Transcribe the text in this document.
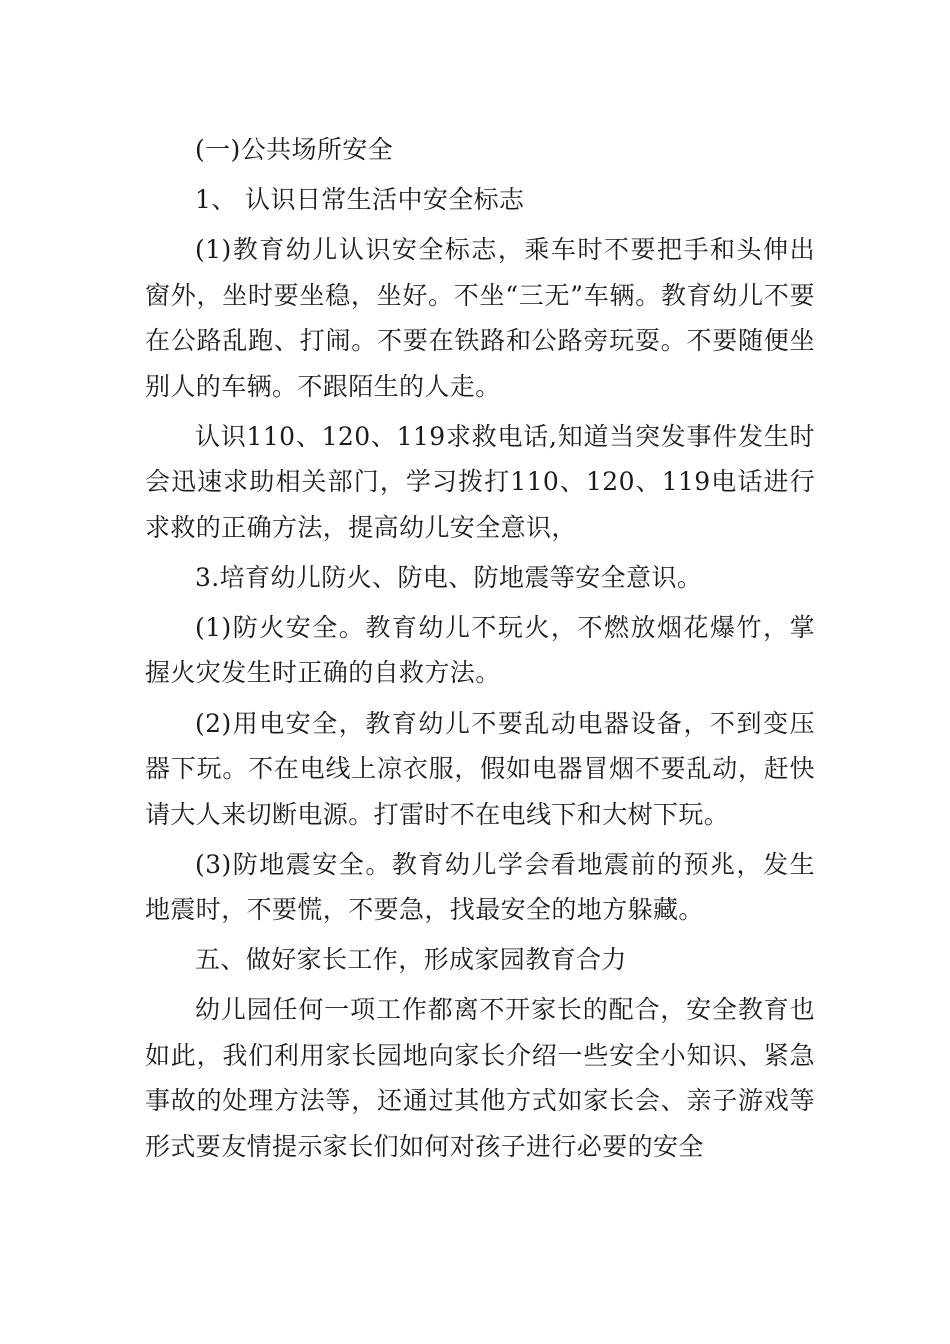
(一)公共场所安全

1、 认识日常生活中安全标志

(1)教育幼儿认识安全标志，乘车时不要把手和头伸出窗外，坐时要坐稳，坐好。不坐“三无”车辆。教育幼儿不要在公路乱跑、打闹。不要在铁路和公路旁玩耍。不要随便坐别人的车辆。不跟陌生的人走。

认识110、120、119求救电话,知道当突发事件发生时会迅速求助相关部门，学习拨打110、120、119电话进行求救的正确方法，提高幼儿安全意识，

3.培育幼儿防火、防电、防地震等安全意识。

(1)防火安全。教育幼儿不玩火，不燃放烟花爆竹，掌握火灾发生时正确的自救方法。

(2)用电安全，教育幼儿不要乱动电器设备，不到变压器下玩。不在电线上凉衣服，假如电器冒烟不要乱动，赶快请大人来切断电源。打雷时不在电线下和大树下玩。

(3)防地震安全。教育幼儿学会看地震前的预兆，发生地震时，不要慌，不要急，找最安全的地方躲藏。

五、做好家长工作，形成家园教育合力

幼儿园任何一项工作都离不开家长的配合，安全教育也如此，我们利用家长园地向家长介绍一些安全小知识、紧急事故的处理方法等，还通过其他方式如家长会、亲子游戏等形式要友情提示家长们如何对孩子进行必要的安全
